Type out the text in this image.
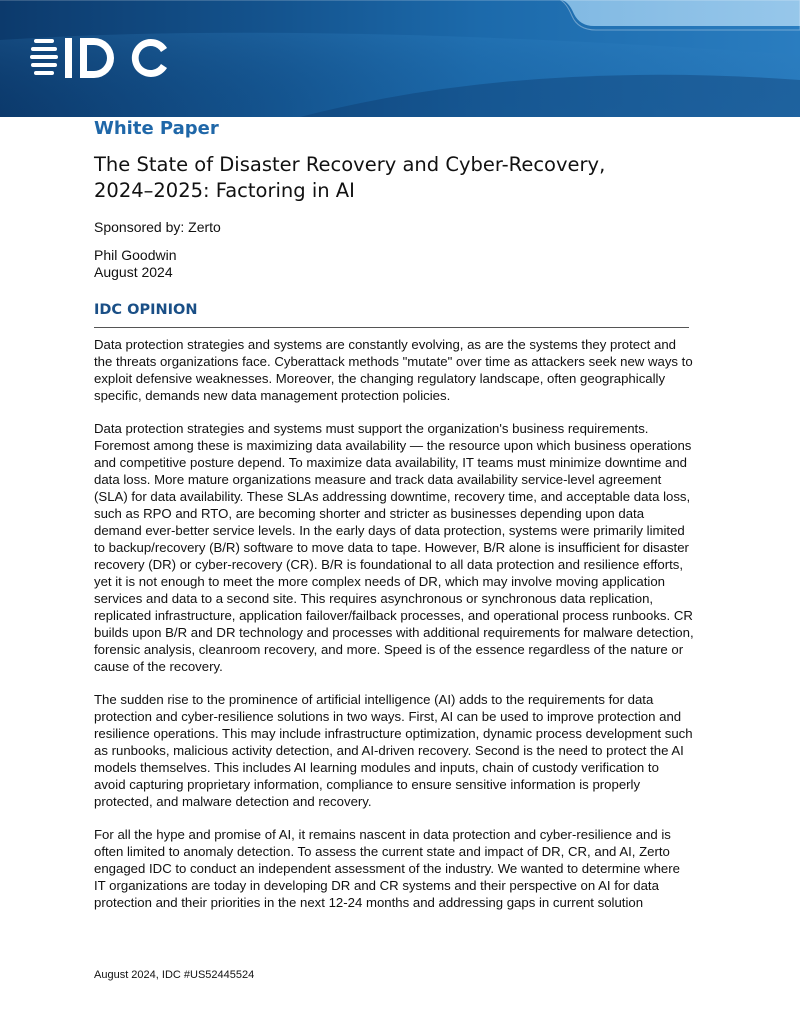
White Paper
The State of Disaster Recovery and Cyber-Recovery,
2024–2025: Factoring in AI
Sponsored by: Zerto
Phil Goodwin
August 2024
IDC OPINION

Data protection strategies and systems are constantly evolving, as are the systems they protect and the threats organizations face. Cyberattack methods "mutate" over time as attackers seek new ways to exploit defensive weaknesses. Moreover, the changing regulatory landscape, often geographically specific, demands new data management protection policies.

Data protection strategies and systems must support the organization's business requirements. Foremost among these is maximizing data availability — the resource upon which business operations and competitive posture depend. To maximize data availability, IT teams must minimize downtime and data loss. More mature organizations measure and track data availability service-level agreement (SLA) for data availability. These SLAs addressing downtime, recovery time, and acceptable data loss, such as RPO and RTO, are becoming shorter and stricter as businesses depending upon data demand ever-better service levels. In the early days of data protection, systems were primarily limited to backup/recovery (B/R) software to move data to tape. However, B/R alone is insufficient for disaster recovery (DR) or cyber-recovery (CR). B/R is foundational to all data protection and resilience efforts, yet it is not enough to meet the more complex needs of DR, which may involve moving application services and data to a second site. This requires asynchronous or synchronous data replication, replicated infrastructure, application failover/failback processes, and operational process runbooks. CR builds upon B/R and DR technology and processes with additional requirements for malware detection, forensic analysis, cleanroom recovery, and more. Speed is of the essence regardless of the nature or cause of the recovery.

The sudden rise to the prominence of artificial intelligence (AI) adds to the requirements for data protection and cyber-resilience solutions in two ways. First, AI can be used to improve protection and resilience operations. This may include infrastructure optimization, dynamic process development such as runbooks, malicious activity detection, and AI-driven recovery. Second is the need to protect the AI models themselves. This includes AI learning modules and inputs, chain of custody verification to avoid capturing proprietary information, compliance to ensure sensitive information is properly protected, and malware detection and recovery.

For all the hype and promise of AI, it remains nascent in data protection and cyber-resilience and is often limited to anomaly detection. To assess the current state and impact of DR, CR, and AI, Zerto engaged IDC to conduct an independent assessment of the industry. We wanted to determine where IT organizations are today in developing DR and CR systems and their perspective on AI for data protection and their priorities in the next 12-24 months and addressing gaps in current solution

August 2024, IDC #US52445524
